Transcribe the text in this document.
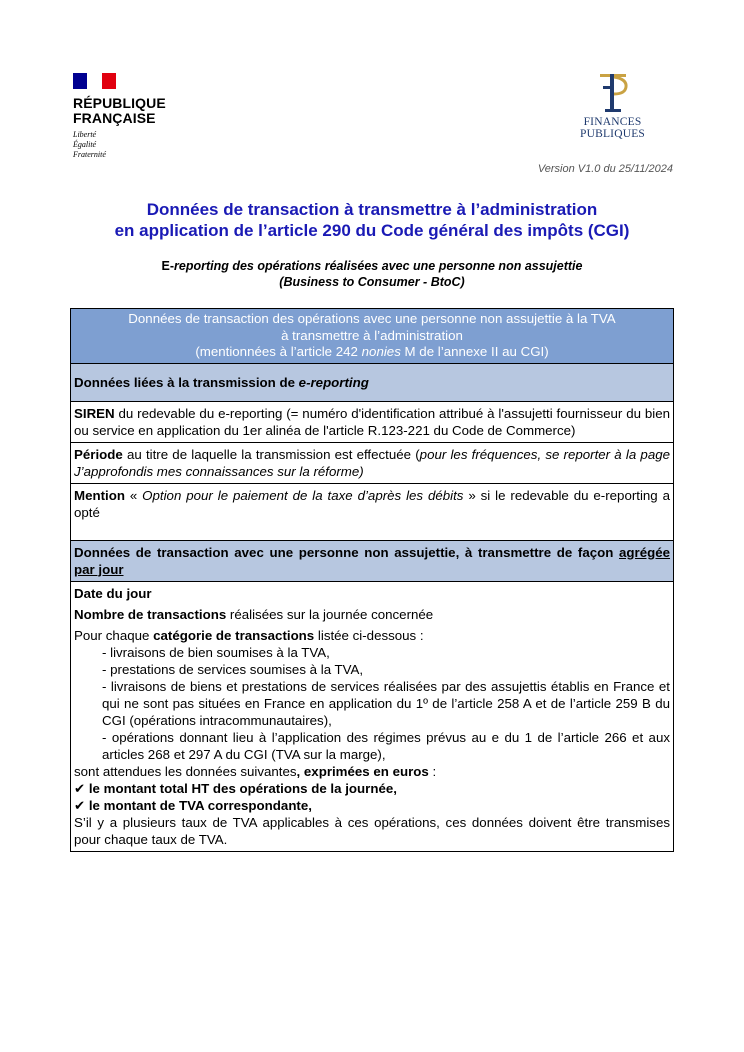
RÉPUBLIQUE
FRANÇAISE
Liberté
Égalité
Fraternité
FINANCES PUBLIQUES
Version V1.0 du 25/11/2024
Données de transaction à transmettre à l’administration
en application de l’article 290 du Code général des impôts (CGI)
E-reporting des opérations réalisées avec une personne non assujettie
(Business to Consumer - BtoC)
Données de transaction des opérations avec une personne non assujettie à la TVA
à transmettre à l’administration
(mentionnées à l’article 242 nonies M de l’annexe II au CGI)

Données liées à la transmission de e-reporting
SIREN du redevable du e-reporting (= numéro d'identification attribué à l'assujetti fournisseur du bien ou service en application du 1er alinéa de l'article R.123-221 du Code de Commerce)
Période au titre de laquelle la transmission est effectuée (pour les fréquences, se reporter à la page J’approfondis mes connaissances sur la réforme)
Mention « Option pour le paiement de la taxe d’après les débits » si le redevable du e-reporting a opté
Données de transaction avec une personne non assujettie, à transmettre de façon agrégée par jour

Date du jour
Nombre de transactions réalisées sur la journée concernée
Pour chaque catégorie de transactions listée ci-dessous :
- livraisons de bien soumises à la TVA,
- prestations de services soumises à la TVA,
- livraisons de biens et prestations de services réalisées par des assujettis établis en France et qui ne sont pas situées en France en application du 1º de l’article 258 A et de l’article 259 B du CGI (opérations intracommunautaires),
- opérations donnant lieu à l’application des régimes prévus au e du 1 de l’article 266 et aux articles 268 et 297 A du CGI (TVA sur la marge),
sont attendues les données suivantes, exprimées en euros :
✔ le montant total HT des opérations de la journée,
✔ le montant de TVA correspondante,
S’il y a plusieurs taux de TVA applicables à ces opérations, ces données doivent être transmises pour chaque taux de TVA.
